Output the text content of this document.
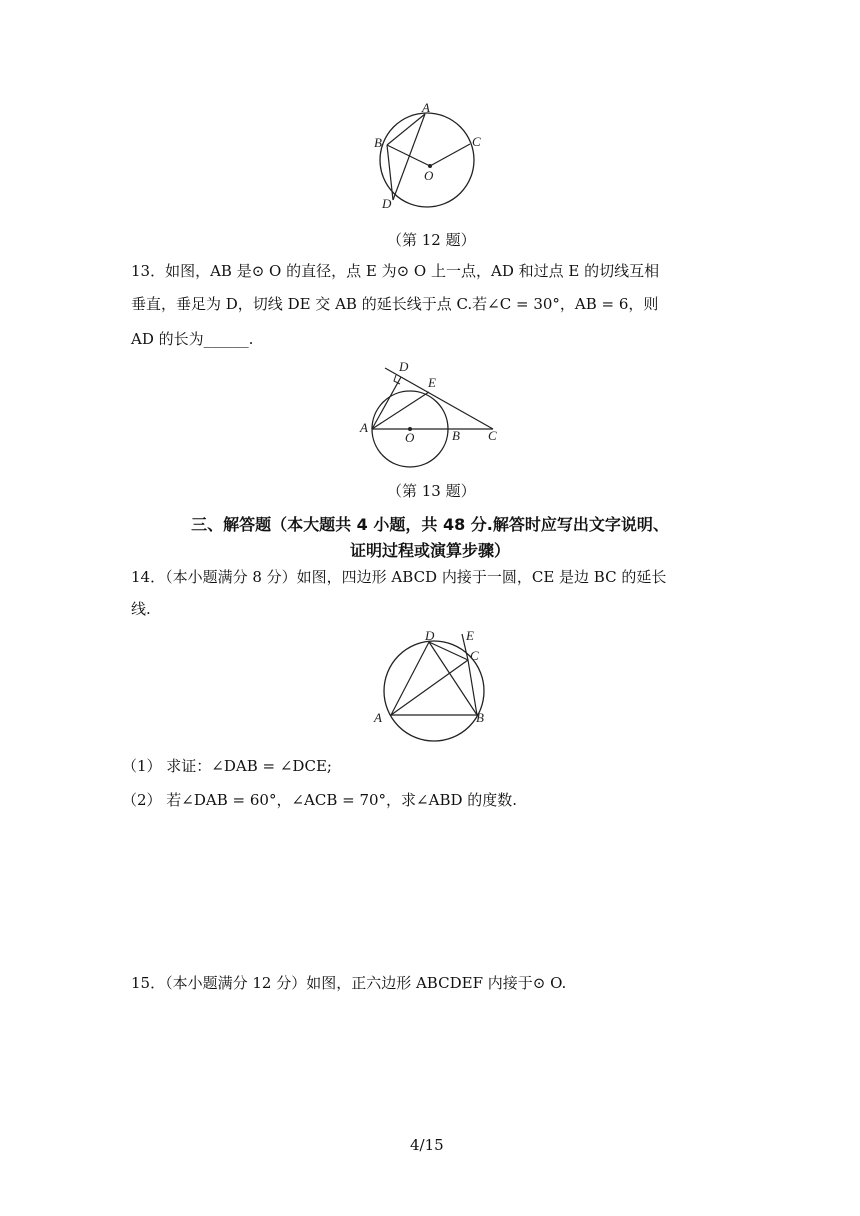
A
B	C
O
D
（第 12 题）
13．如图，AB 是⊙ O 的直径，点 E 为⊙ O 上一点，AD 和过点 E 的切线互相
垂直，垂足为 D，切线 DE 交 AB 的延长线于点 C.若∠C = 30°，AB = 6，则
AD 的长为______.
D
E
A
O	B C
（第 13 题）
三、解答题（本大题共 4 小题，共 48 分.解答时应写出文字说明、
证明过程或演算步骤）
14．（本小题满分 8 分）如图，四边形 ABCD 内接于一圆，CE 是边 BC 的延长
线.
D E
C
A	B
（1） 求证：∠DAB = ∠DCE;
（2） 若∠DAB = 60°，∠ACB = 70°，求∠ABD 的度数.
15．（本小题满分 12 分）如图，正六边形 ABCDEF 内接于⊙ O.
4/15
